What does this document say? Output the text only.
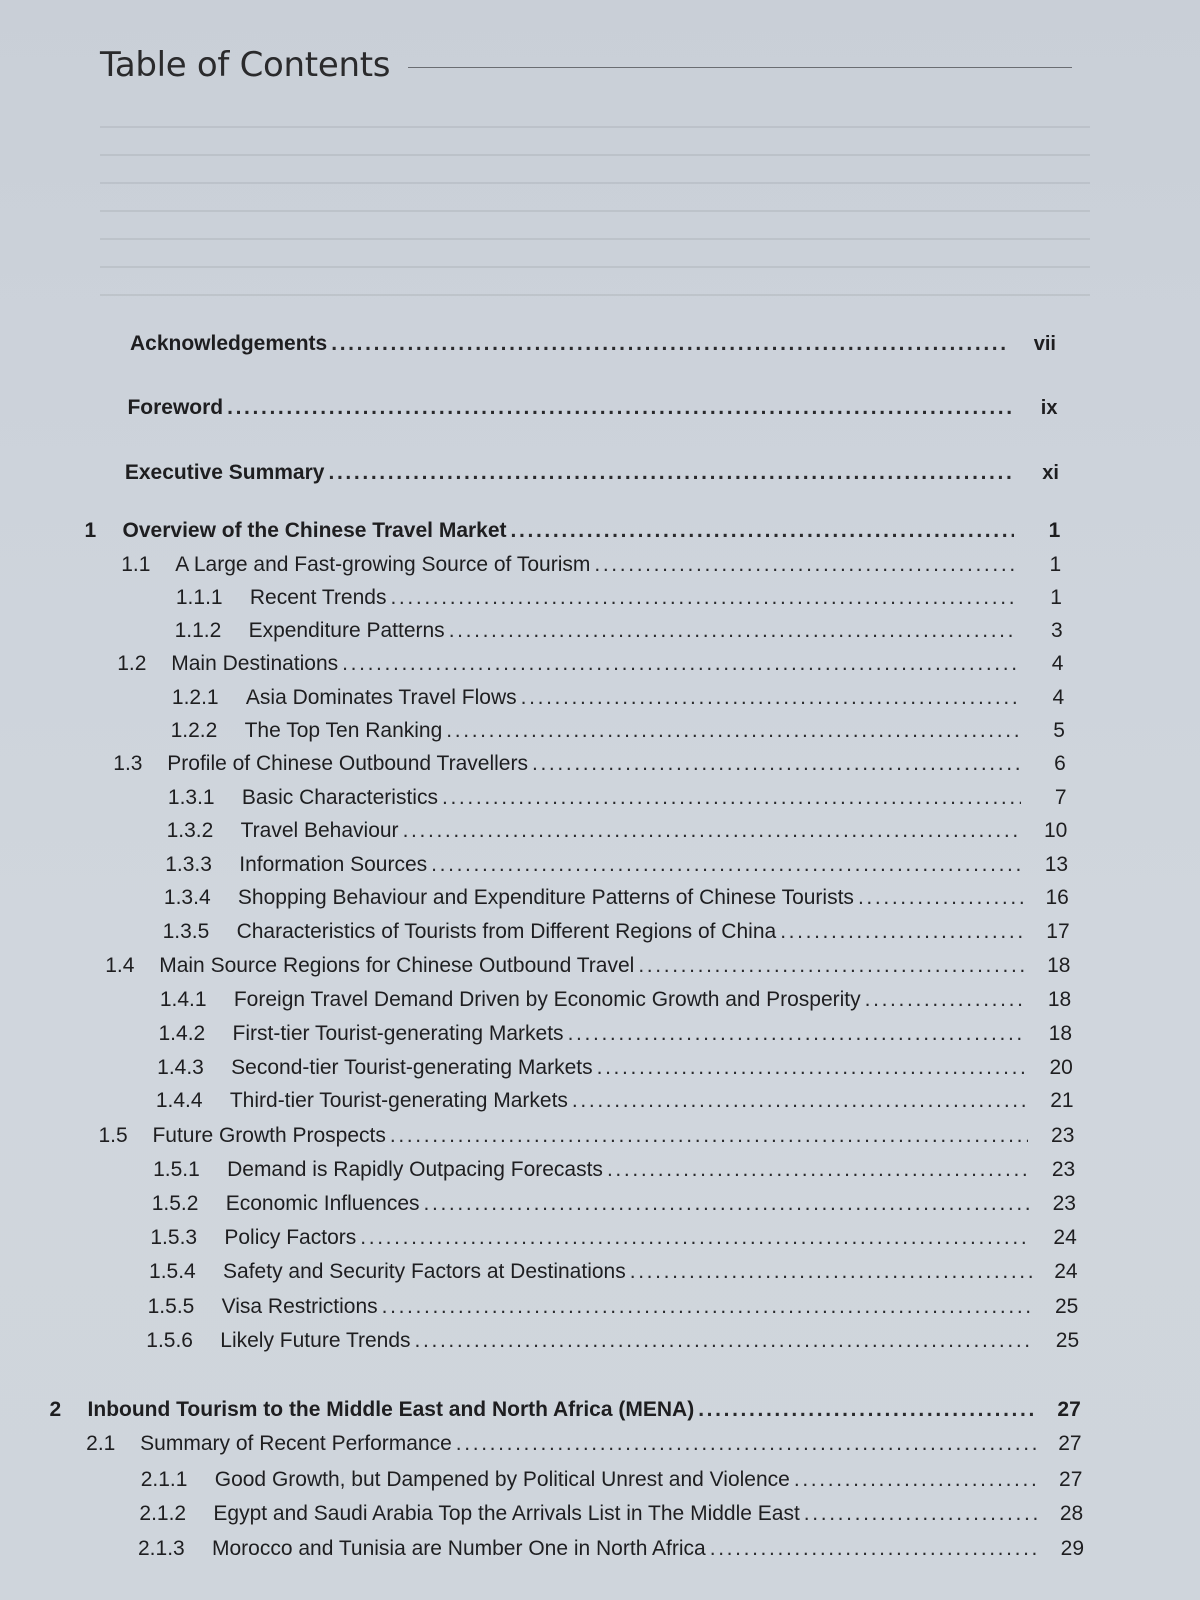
Table of Contents
Acknowledgements . . .	vii
Foreword . . .	ix
Executive Summary . . .	xi
1	Overview of the Chinese Travel Market . . .	1
1.1	A Large and Fast-growing Source of Tourism . . .	1
1.1.1	Recent Trends . . .	1
1.1.2	Expenditure Patterns . . .	3
1.2	Main Destinations . . .	4
1.2.1	Asia Dominates Travel Flows . . .	4
1.2.2	The Top Ten Ranking . . .	5
1.3	Profile of Chinese Outbound Travellers . . .	6
1.3.1	Basic Characteristics . . .	7
1.3.2	Travel Behaviour . . .	10
1.3.3	Information Sources . . .	13
1.3.4	Shopping Behaviour and Expenditure Patterns of Chinese Tourists . . .	16
1.3.5	Characteristics of Tourists from Different Regions of China . . .	17
1.4	Main Source Regions for Chinese Outbound Travel . . .	18
1.4.1	Foreign Travel Demand Driven by Economic Growth and Prosperity . . .	18
1.4.2	First-tier Tourist-generating Markets . . .	18
1.4.3	Second-tier Tourist-generating Markets . . .	20
1.4.4	Third-tier Tourist-generating Markets . . .	21
1.5	Future Growth Prospects . . .	23
1.5.1	Demand is Rapidly Outpacing Forecasts . . .	23
1.5.2	Economic Influences . . .	23
1.5.3	Policy Factors . . .	24
1.5.4	Safety and Security Factors at Destinations . . .	24
1.5.5	Visa Restrictions . . .	25
1.5.6	Likely Future Trends . . .	25
2	Inbound Tourism to the Middle East and North Africa (MENA) . . .	27
2.1	Summary of Recent Performance . . .	27
2.1.1	Good Growth, but Dampened by Political Unrest and Violence . . .	27
2.1.2	Egypt and Saudi Arabia Top the Arrivals List in The Middle East . . .	28
2.1.3	Morocco and Tunisia are Number One in North Africa . . .	29
